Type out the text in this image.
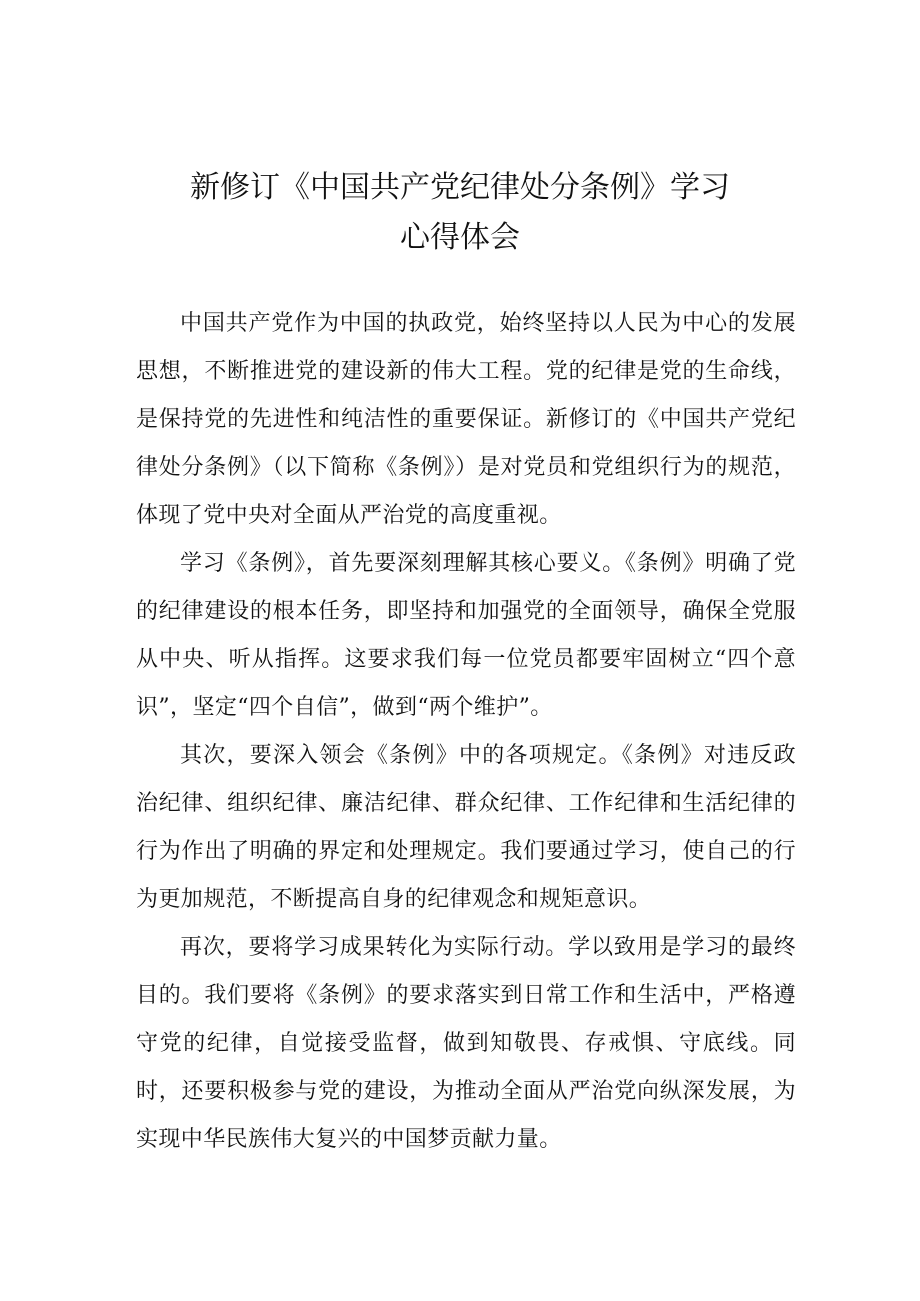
新修订《中国共产党纪律处分条例》学习
心得体会

中国共产党作为中国的执政党，始终坚持以人民为中心的发展思想，不断推进党的建设新的伟大工程。党的纪律是党的生命线，是保持党的先进性和纯洁性的重要保证。新修订的《中国共产党纪律处分条例》（以下简称《条例》）是对党员和党组织行为的规范，体现了党中央对全面从严治党的高度重视。

学习《条例》，首先要深刻理解其核心要义。《条例》明确了党的纪律建设的根本任务，即坚持和加强党的全面领导，确保全党服从中央、听从指挥。这要求我们每一位党员都要牢固树立“四个意识”，坚定“四个自信”，做到“两个维护”。

其次，要深入领会《条例》中的各项规定。《条例》对违反政治纪律、组织纪律、廉洁纪律、群众纪律、工作纪律和生活纪律的行为作出了明确的界定和处理规定。我们要通过学习，使自己的行为更加规范，不断提高自身的纪律观念和规矩意识。

再次，要将学习成果转化为实际行动。学以致用是学习的最终目的。我们要将《条例》的要求落实到日常工作和生活中，严格遵守党的纪律，自觉接受监督，做到知敬畏、存戒惧、守底线。同时，还要积极参与党的建设，为推动全面从严治党向纵深发展，为实现中华民族伟大复兴的中国梦贡献力量。
